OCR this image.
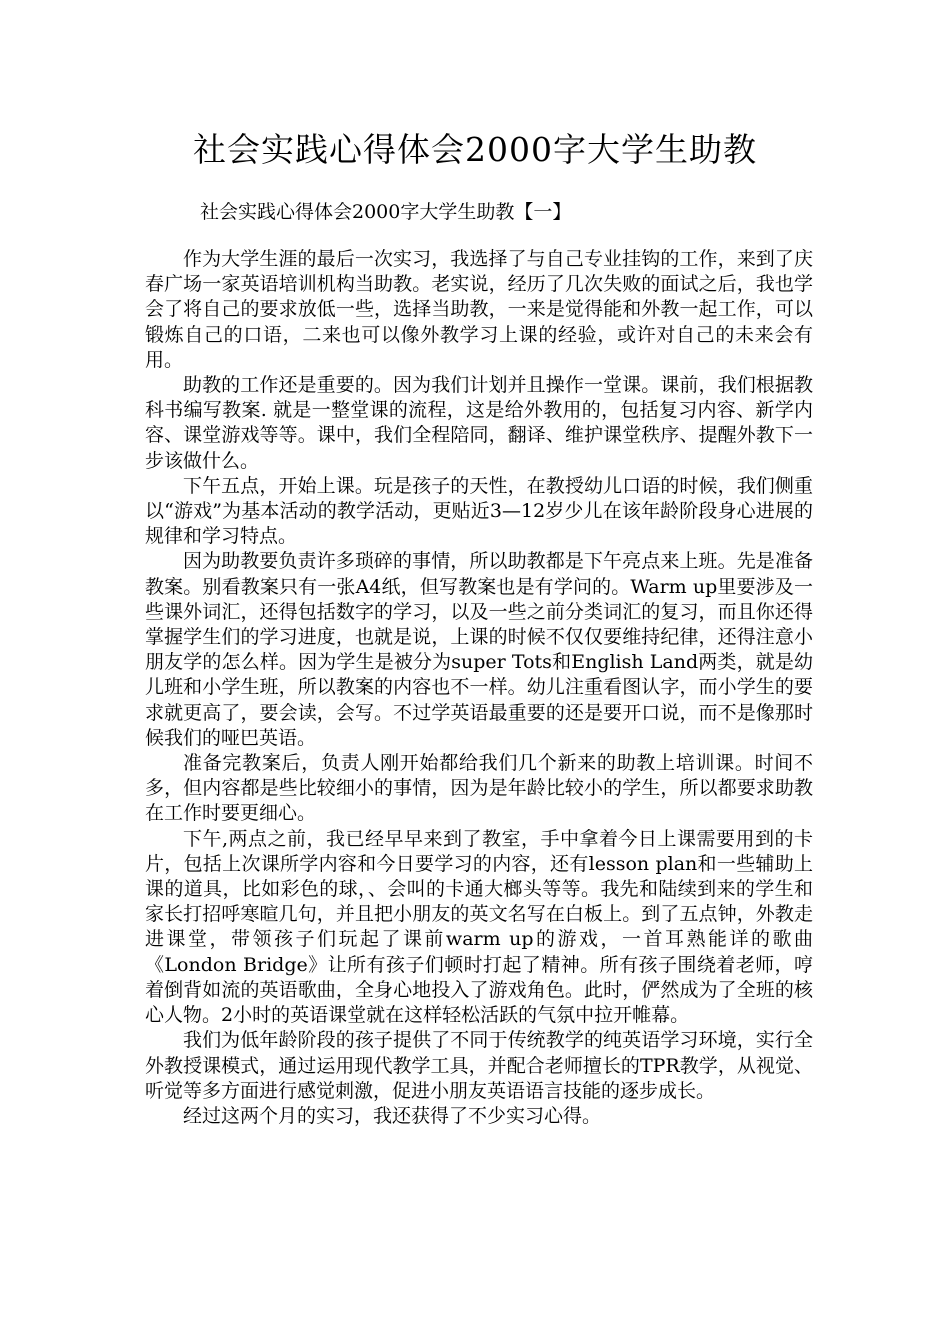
社会实践心得体会2000字大学生助教
社会实践心得体会2000字大学生助教【一】

作为大学生涯的最后一次实习，我选择了与自己专业挂钩的工作，来到了庆春广场一家英语培训机构当助教。老实说，经历了几次失败的面试之后，我也学会了将自己的要求放低一些，选择当助教，一来是觉得能和外教一起工作，可以锻炼自己的口语，二来也可以像外教学习上课的经验，或许对自己的未来会有用。

助教的工作还是重要的。因为我们计划并且操作一堂课。课前，我们根据教科书编写教案. 就是一整堂课的流程，这是给外教用的，包括复习内容、新学内容、课堂游戏等等。课中，我们全程陪同，翻译、维护课堂秩序、提醒外教下一步该做什么。

下午五点，开始上课。玩是孩子的天性，在教授幼儿口语的时候，我们侧重以“游戏”为基本活动的教学活动，更贴近3—12岁少儿在该年龄阶段身心进展的规律和学习特点。

因为助教要负责许多琐碎的事情，所以助教都是下午亮点来上班。先是准备教案。别看教案只有一张A4纸，但写教案也是有学问的。Warm up里要涉及一些课外词汇，还得包括数字的学习，以及一些之前分类词汇的复习，而且你还得掌握学生们的学习进度，也就是说，上课的时候不仅仅要维持纪律，还得注意小朋友学的怎么样。因为学生是被分为super Tots和English Land两类，就是幼儿班和小学生班，所以教案的内容也不一样。幼儿注重看图认字，而小学生的要求就更高了，要会读，会写。不过学英语最重要的还是要开口说，而不是像那时候我们的哑巴英语。

准备完教案后，负责人刚开始都给我们几个新来的助教上培训课。时间不多，但内容都是些比较细小的事情，因为是年龄比较小的学生，所以都要求助教在工作时要更细心。

下午,两点之前，我已经早早来到了教室，手中拿着今日上课需要用到的卡片，包括上次课所学内容和今日要学习的内容，还有lesson plan和一些辅助上课的道具，比如彩色的球，、会叫的卡通大榔头等等。我先和陆续到来的学生和家长打招呼寒暄几句，并且把小朋友的英文名写在白板上。到了五点钟，外教走进课堂，带领孩子们玩起了课前warm up的游戏，一首耳熟能详的歌曲《London Bridge》让所有孩子们顿时打起了精神。所有孩子围绕着老师，哼着倒背如流的英语歌曲，全身心地投入了游戏角色。此时，俨然成为了全班的核心人物。2小时的英语课堂就在这样轻松活跃的气氛中拉开帷幕。

我们为低年龄阶段的孩子提供了不同于传统教学的纯英语学习环境，实行全外教授课模式，通过运用现代教学工具，并配合老师擅长的TPR教学，从视觉、听觉等多方面进行感觉刺激，促进小朋友英语语言技能的逐步成长。

经过这两个月的实习，我还获得了不少实习心得。
